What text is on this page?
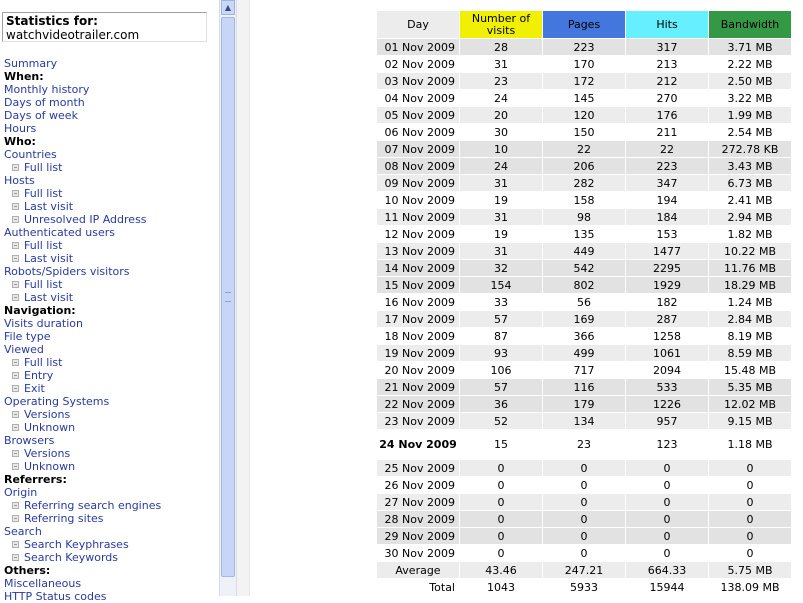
Statistics for:
watchvideotrailer.com
Summary
When:
Monthly history
Days of month
Days of week
Hours
Who:
Countries
Full list
Hosts
Full list
Last visit
Unresolved IP Address
Authenticated users
Full list
Last visit
Robots/Spiders visitors
Full list
Last visit
Navigation:
Visits duration
File type
Viewed
Full list
Entry
Exit
Operating Systems
Versions
Unknown
Browsers
Versions
Unknown
Referrers:
Origin
Referring search engines
Referring sites
Search
Search Keyphrases
Search Keywords
Others:
Miscellaneous
HTTP Status codes
▲
Day	Number of visits	Pages	Hits	Bandwidth
01 Nov 2009	28	223	317	3.71 MB
02 Nov 2009	31	170	213	2.22 MB
03 Nov 2009	23	172	212	2.50 MB
04 Nov 2009	24	145	270	3.22 MB
05 Nov 2009	20	120	176	1.99 MB
06 Nov 2009	30	150	211	2.54 MB
07 Nov 2009	10	22	22	272.78 KB
08 Nov 2009	24	206	223	3.43 MB
09 Nov 2009	31	282	347	6.73 MB
10 Nov 2009	19	158	194	2.41 MB
11 Nov 2009	31	98	184	2.94 MB
12 Nov 2009	19	135	153	1.82 MB
13 Nov 2009	31	449	1477	10.22 MB
14 Nov 2009	32	542	2295	11.76 MB
15 Nov 2009	154	802	1929	18.29 MB
16 Nov 2009	33	56	182	1.24 MB
17 Nov 2009	57	169	287	2.84 MB
18 Nov 2009	87	366	1258	8.19 MB
19 Nov 2009	93	499	1061	8.59 MB
20 Nov 2009	106	717	2094	15.48 MB
21 Nov 2009	57	116	533	5.35 MB
22 Nov 2009	36	179	1226	12.02 MB
23 Nov 2009	52	134	957	9.15 MB
24 Nov 2009	15	23	123	1.18 MB
25 Nov 2009	0	0	0	0
26 Nov 2009	0	0	0	0
27 Nov 2009	0	0	0	0
28 Nov 2009	0	0	0	0
29 Nov 2009	0	0	0	0
30 Nov 2009	0	0	0	0
Average	43.46	247.21	664.33	5.75 MB
Total	1043	5933	15944	138.09 MB
